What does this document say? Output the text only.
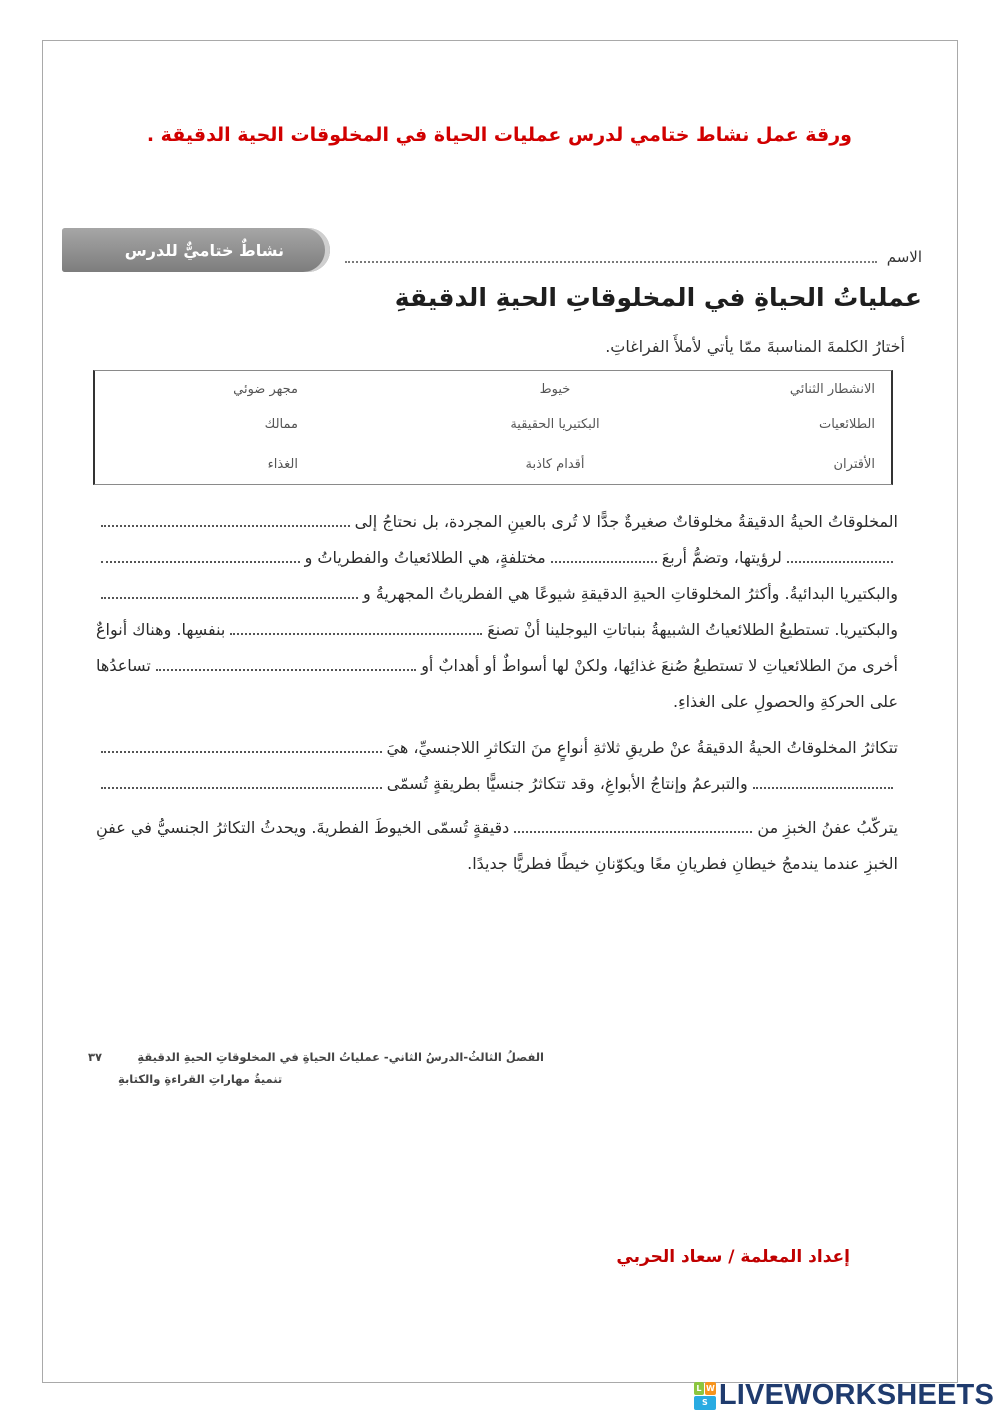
ورقة عمل نشاط ختامي لدرس عمليات الحياة في المخلوقات الحية الدقيقة .
نشاطٌ ختاميٌّ للدرس	الاسم
عملياتُ الحياةِ في المخلوقاتِ الحيةِ الدقيقةِ
أختارُ الكلمةَ المناسبةَ ممّا يأتي لأملأَ الفراغاتِ.
الانشطار الثنائي
خيوط
مجهر ضوئي
الطلائعيات
البكتيريا الحقيقية
ممالك
الأقتران
أقدام كاذبة
الغذاء
المخلوقاتُ الحيةُ الدقيقةُ مخلوقاتٌ صغيرةٌ جدًّا لا تُرى بالعينِ المجردة، بل نحتاجُ إلى
لرؤيتها، وتضمُّ أربعَ
مختلفةٍ، هي الطلائعياتُ والفطرياتُ و
والبكتيريا البدائيةُ. وأكثرُ المخلوقاتِ الحيةِ الدقيقةِ شيوعًا هي الفطرياتُ المجهريةُ و
والبكتيريا. تستطيعُ الطلائعياتُ الشبيهةُ بنباتاتِ اليوجلينا أنْ تصنعَ
بنفسِها. وهناك أنواعٌ
أخرى منَ الطلائعياتِ لا تستطيعُ صُنعَ غذائِها، ولكنْ لها أسواطٌ أو أهدابٌ أو
تساعدُها
على الحركةِ والحصولِ على الغذاءِ.
تتكاثرُ المخلوقاتُ الحيةُ الدقيقةُ عنْ طريقِ ثلاثةِ أنواعٍ منَ التكاثرِ اللاجنسيِّ، هيَ
والتبرعمُ وإنتاجُ الأبواغِ، وقد تتكاثرُ جنسيًّا بطريقةٍ تُسمّى
يتركّبُ عفنُ الخبزِ من
دقيقةٍ تُسمّى الخيوطَ الفطريةَ. ويحدثُ التكاثرُ الجنسيُّ في عفنِ
الخبزِ عندما يندمجُ خيطانِ فطريانِ معًا ويكوّنانِ خيطًا فطريًّا جديدًا.
الفصلُ الثالثُ-الدرسُ الثاني- عملياتُ الحياةِ في المخلوقاتِ الحيةِ الدقيقةِ
٣٧
تنميةُ مهاراتِ القراءةِ والكتابةِ
إعداد المعلمة / سعاد الحربي
L W
S LIVEWORKSHEETS
